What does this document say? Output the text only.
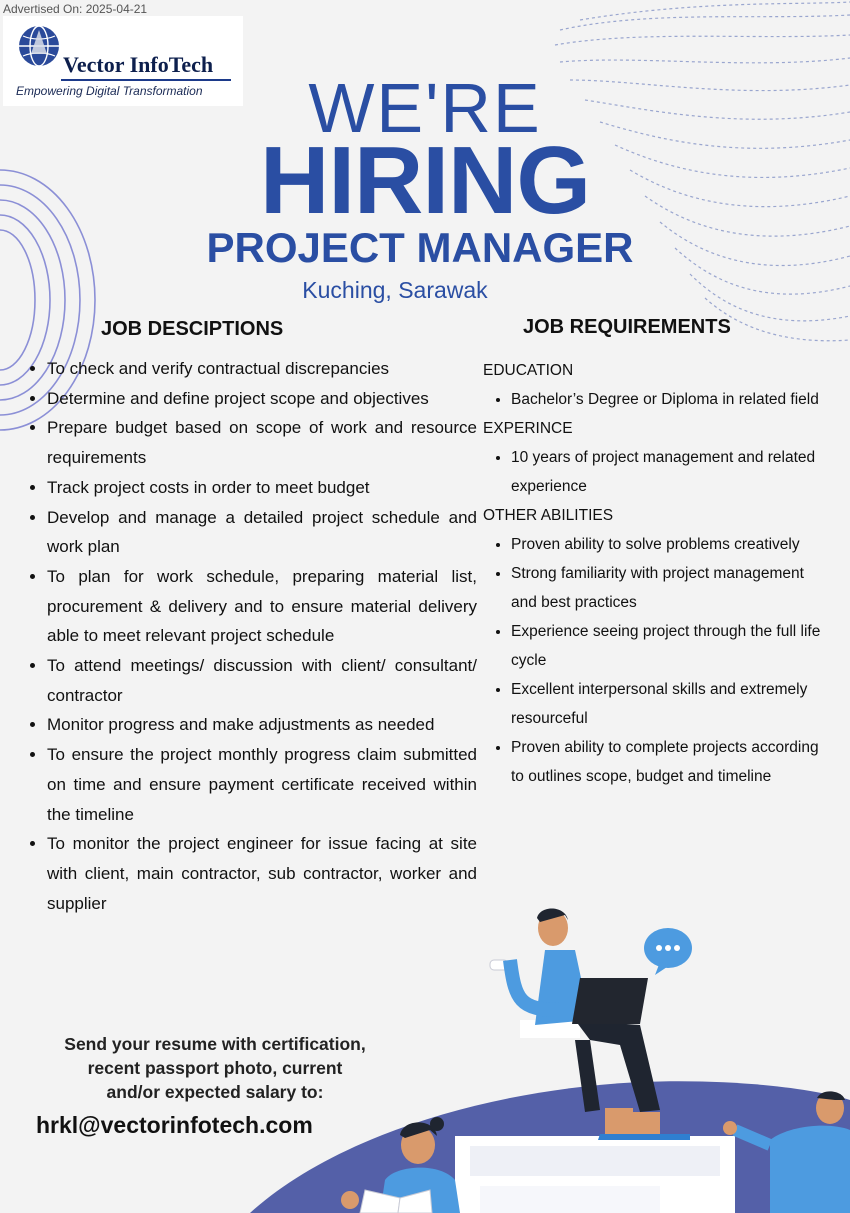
Advertised On: 2025-04-21
Vector InfoTech
Empowering Digital Transformation	WE'RE
HIRING
PROJECT MANAGER
Kuching, Sarawak
JOB DESCIPTIONS	JOB REQUIREMENTS
• To check and verify contractual discrepancies
• Determine and define project scope and objectives
• Prepare budget based on scope of work and resource requirements
• Track project costs in order to meet budget
• Develop and manage a detailed project schedule and work plan
• To plan for work schedule, preparing material list, procurement & delivery and to ensure material delivery able to meet relevant project schedule
• To attend meetings/ discussion with client/ consultant/ contractor
• Monitor progress and make adjustments as needed
• To ensure the project monthly progress claim submitted on time and ensure payment certificate received within the timeline
• To monitor the project engineer for issue facing at site with client, main contractor, sub contractor, worker and supplier
EDUCATION
• Bachelor’s Degree or Diploma in related field
EXPERINCE
• 10 years of project management and related experience
OTHER ABILITIES
• Proven ability to solve problems creatively
• Strong familiarity with project management and best practices
• Experience seeing project through the full life cycle
• Excellent interpersonal skills and extremely resourceful
• Proven ability to complete projects according to outlines scope, budget and timeline
Send your resume with certification,
recent passport photo, current
and/or expected salary to:
hrkl@vectorinfotech.com
